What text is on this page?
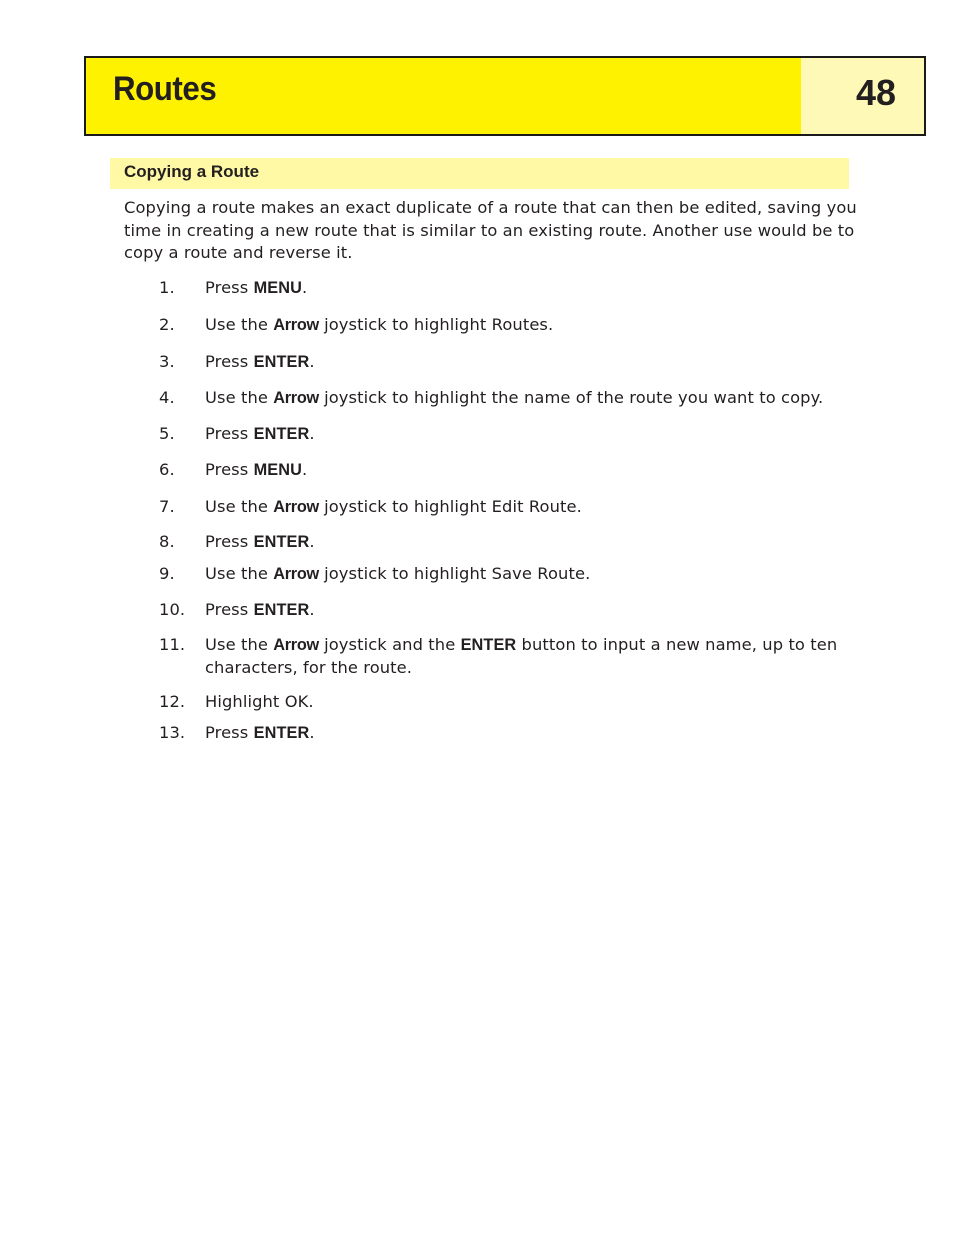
Routes	48
Copying a Route

Copying a route makes an exact duplicate of a route that can then be edited, saving you time in creating a new route that is similar to an existing route. Another use would be to copy a route and reverse it.

1. Press MENU.
2. Use the Arrow joystick to highlight Routes.
3. Press ENTER.
4. Use the Arrow joystick to highlight the name of the route you want to copy.
5. Press ENTER.
6. Press MENU.
7. Use the Arrow joystick to highlight Edit Route.
8. Press ENTER.
9. Use the Arrow joystick to highlight Save Route.
10. Press ENTER.
11. Use the Arrow joystick and the ENTER button to input a new name, up to ten characters, for the route.
12. Highlight OK.
13. Press ENTER.
